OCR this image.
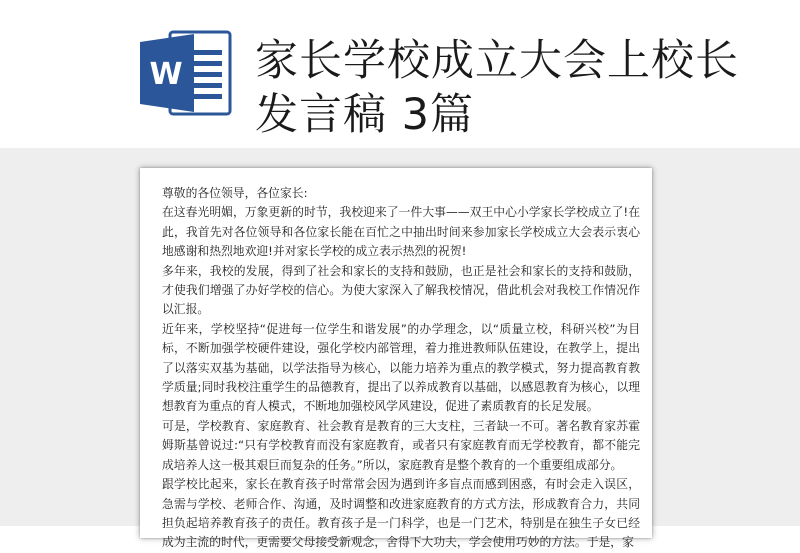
W 家长学校成立大会上校长发言稿 3篇

尊敬的各位领导，各位家长:

在这春光明媚，万象更新的时节，我校迎来了一件大事——双王中心小学家长学校成立了!在此，我首先对各位领导和各位家长能在百忙之中抽出时间来参加家长学校成立大会表示衷心地感谢和热烈地欢迎!并对家长学校的成立表示热烈的祝贺!

多年来，我校的发展，得到了社会和家长的支持和鼓励，也正是社会和家长的支持和鼓励，才使我们增强了办好学校的信心。为使大家深入了解我校情况，借此机会对我校工作情况作以汇报。

近年来，学校坚持“促进每一位学生和谐发展”的办学理念，以“质量立校，科研兴校”为目标，不断加强学校硬件建设，强化学校内部管理，着力推进教师队伍建设，在教学上，提出了以落实双基为基础，以学法指导为核心，以能力培养为重点的教学模式，努力提高教育教学质量;同时我校注重学生的品德教育，提出了以养成教育以基础，以感恩教育为核心，以理想教育为重点的育人模式，不断地加强校风学风建设，促进了素质教育的长足发展。

可是，学校教育、家庭教育、社会教育是教育的三大支柱，三者缺一不可。著名教育家苏霍姆斯基曾说过:“只有学校教育而没有家庭教育，或者只有家庭教育而无学校教育，都不能完成培养人这一极其艰巨而复杂的任务。”所以，家庭教育是整个教育的一个重要组成部分。

跟学校比起来，家长在教育孩子时常常会因为遇到许多盲点而感到困惑，有时会走入误区，急需与学校、老师合作、沟通，及时调整和改进家庭教育的方式方法，形成教育合力，共同担负起培养教育孩子的责任。教育孩子是一门科学，也是一门艺术，特别是在独生子女已经成为主流的时代，更需要父母接受新观念，舍得下大功夫，学会使用巧妙的方法。于是，家
